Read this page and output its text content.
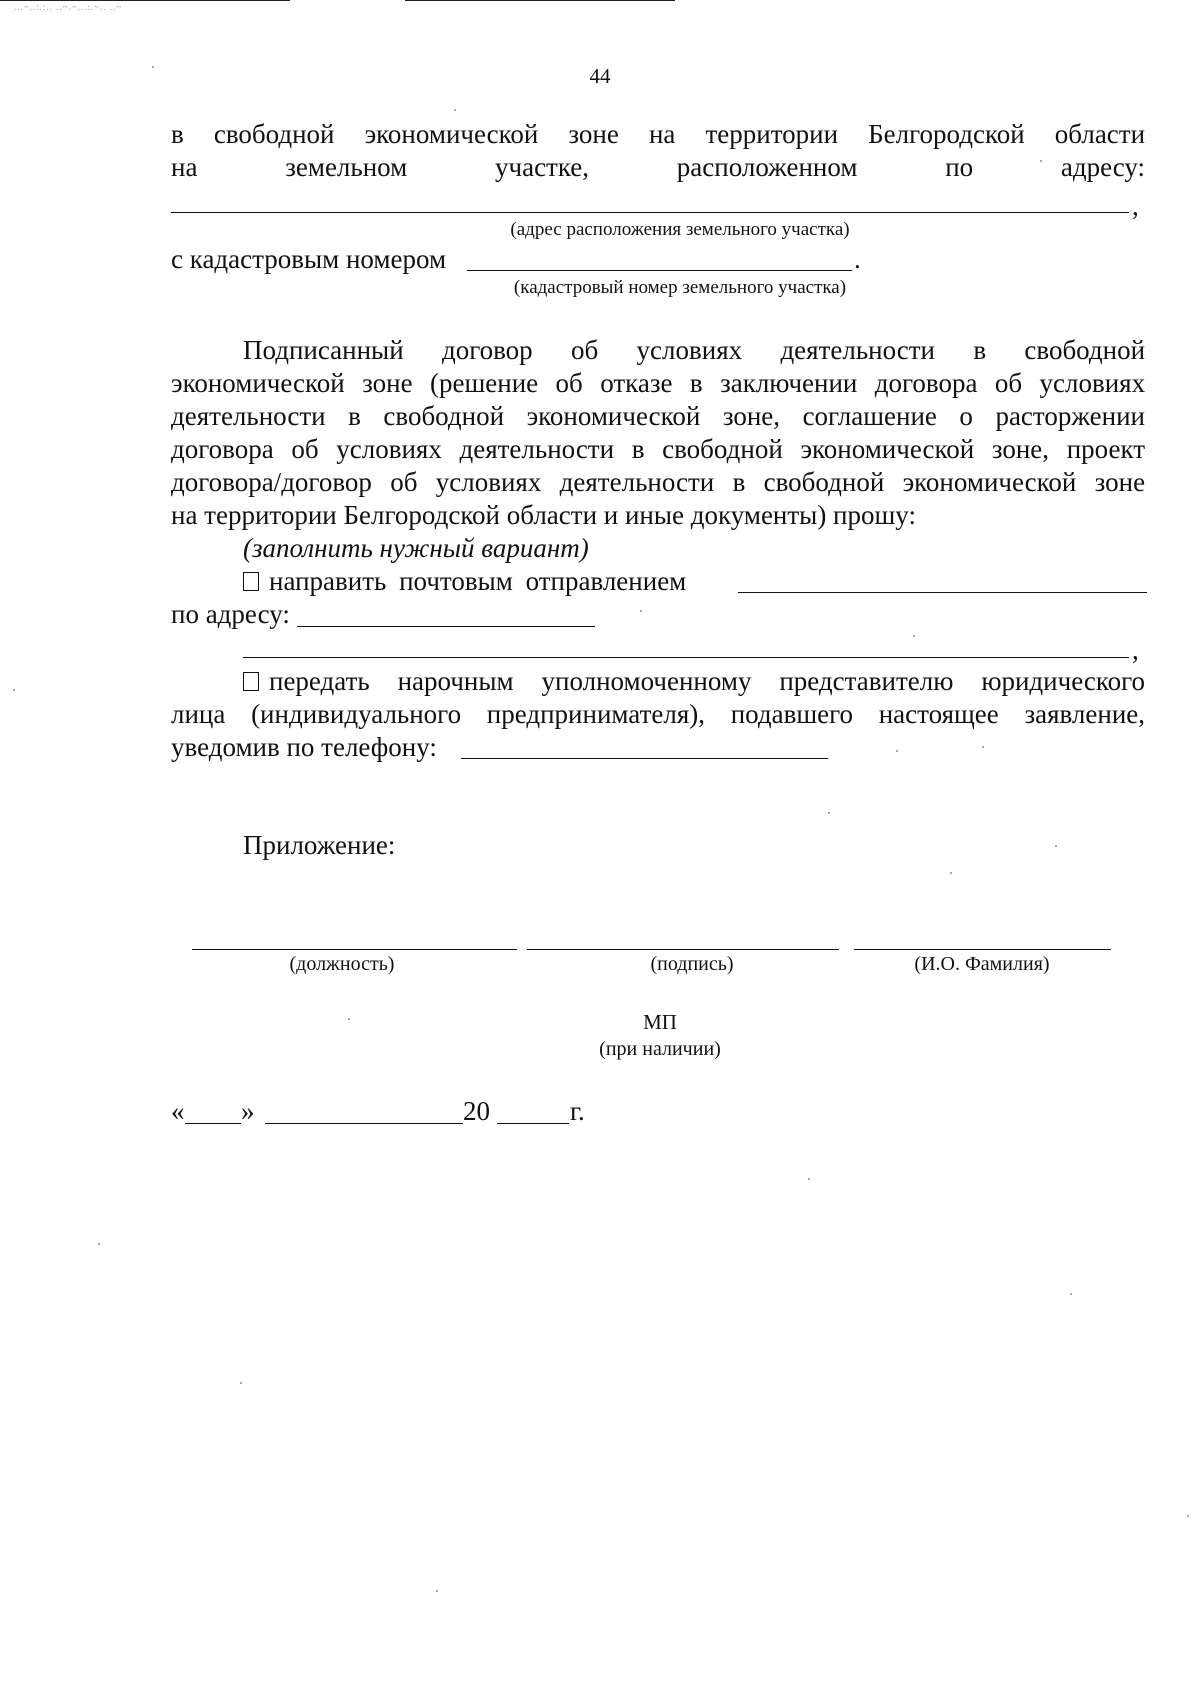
...~..:.:.. ..~.~...:.~.. ..~
44
в свободной экономической зоне на территории Белгородской области
на	земельном	участке,	расположенном	по	адресу:
,
(адрес расположения земельного участка)
с кадастровым номером	.
(кадастровый номер земельного участка)
Подписанный договор об условиях деятельности в свободной
экономической зоне (решение об отказе в заключении договора об условиях
деятельности в свободной экономической зоне, соглашение о расторжении
договора об условиях деятельности в свободной экономической зоне, проект
договора/договор об условиях деятельности в свободной экономической зоне
на территории Белгородской области и иные документы) прошу:
(заполнить нужный вариант)
направить почтовым отправлением
по адресу:
,
передать нарочным уполномоченному представителю юридического
лица (индивидуального предпринимателя), подавшего настоящее заявление,
уведомив по телефону:
Приложение:
(должность)	(подпись)	(И.О. Фамилия)
МП
(при наличии)
« »	20	г.
